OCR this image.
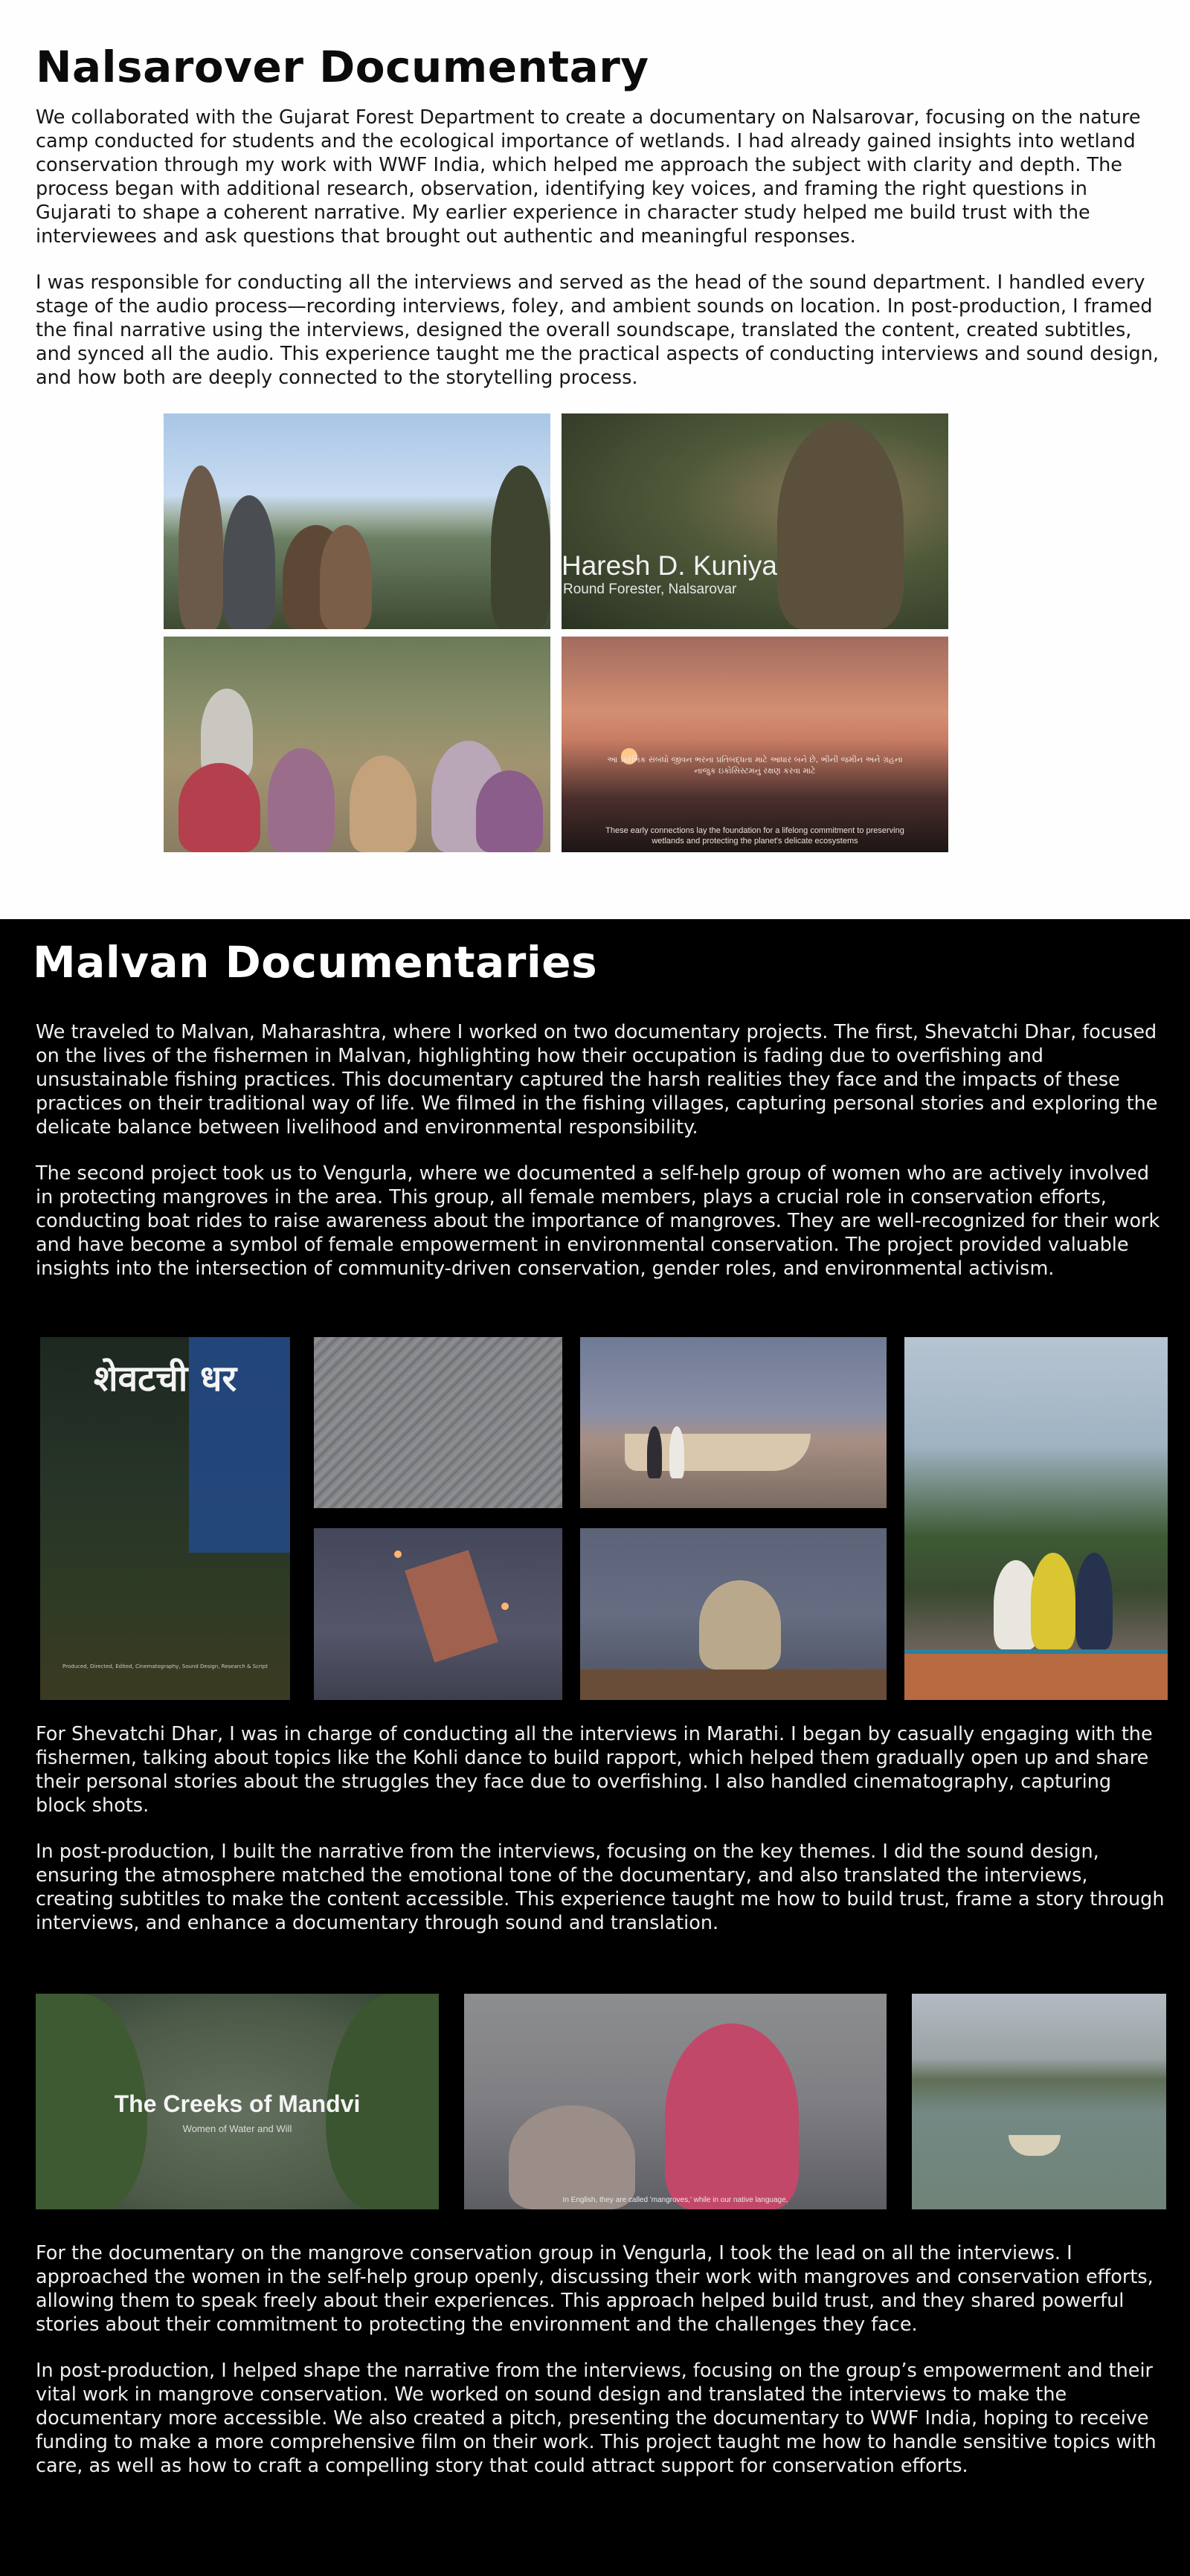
Nalsarover Documentary

We collaborated with the Gujarat Forest Department to create a documentary on Nalsarovar, focusing on the nature camp conducted for students and the ecological importance of wetlands. I had already gained insights into wetland conservation through my work with WWF India, which helped me approach the subject with clarity and depth. The process began with additional research, observation, identifying key voices, and framing the right questions in Gujarati to shape a coherent narrative. My earlier experience in character study helped me build trust with the interviewees and ask questions that brought out authentic and meaningful responses.

I was responsible for conducting all the interviews and served as the head of the sound department. I handled every stage of the audio process—recording interviews, foley, and ambient sounds on location. In post-production, I framed the final narrative using the interviews, designed the overall soundscape, translated the content, created subtitles, and synced all the audio. This experience taught me the practical aspects of conducting interviews and sound design, and how both are deeply connected to the storytelling process.

Haresh D. Kuniya
Round Forester, Nalsarovar
આ પ્રારંભિક સંબંધો જીવન ભરના પ્રતિબદ્ધતા માટે આધાર બને છે, ભીની જમીન અને ગ્રહના નાજુક ઇકોસિસ્ટમનું રક્ષણ કરવા માટે
These early connections lay the foundation for a lifelong commitment to preserving wetlands and protecting the planet's delicate ecosystems
Malvan Documentaries

We traveled to Malvan, Maharashtra, where I worked on two documentary projects. The first, Shevatchi Dhar, focused on the lives of the fishermen in Malvan, highlighting how their occupation is fading due to overfishing and unsustainable fishing practices. This documentary captured the harsh realities they face and the impacts of these practices on their traditional way of life. We filmed in the fishing villages, capturing personal stories and exploring the delicate balance between livelihood and environmental responsibility.

The second project took us to Vengurla, where we documented a self-help group of women who are actively involved in protecting mangroves in the area. This group, all female members, plays a crucial role in conservation efforts, conducting boat rides to raise awareness about the importance of mangroves. They are well-recognized for their work and have become a symbol of female empowerment in environmental conservation. The project provided valuable insights into the intersection of community-driven conservation, gender roles, and environmental activism.

शेवटची धर
Produced, Directed, Edited, Cinematography, Sound Design, Research & Script

For Shevatchi Dhar, I was in charge of conducting all the interviews in Marathi. I began by casually engaging with the fishermen, talking about topics like the Kohli dance to build rapport, which helped them gradually open up and share their personal stories about the struggles they face due to overfishing. I also handled cinematography, capturing block shots.

In post-production, I built the narrative from the interviews, focusing on the key themes. I did the sound design, ensuring the atmosphere matched the emotional tone of the documentary, and also translated the interviews, creating subtitles to make the content accessible. This experience taught me how to build trust, frame a story through interviews, and enhance a documentary through sound and translation.

The Creeks of Mandvi
Women of Water and Will
In English, they are called 'mangroves,' while in our native language,

For the documentary on the mangrove conservation group in Vengurla, I took the lead on all the interviews. I approached the women in the self-help group openly, discussing their work with mangroves and conservation efforts, allowing them to speak freely about their experiences. This approach helped build trust, and they shared powerful stories about their commitment to protecting the environment and the challenges they face.

In post-production, I helped shape the narrative from the interviews, focusing on the group’s empowerment and their vital work in mangrove conservation. We worked on sound design and translated the interviews to make the documentary more accessible. We also created a pitch, presenting the documentary to WWF India, hoping to receive funding to make a more comprehensive film on their work. This project taught me how to handle sensitive topics with care, as well as how to craft a compelling story that could attract support for conservation efforts.
